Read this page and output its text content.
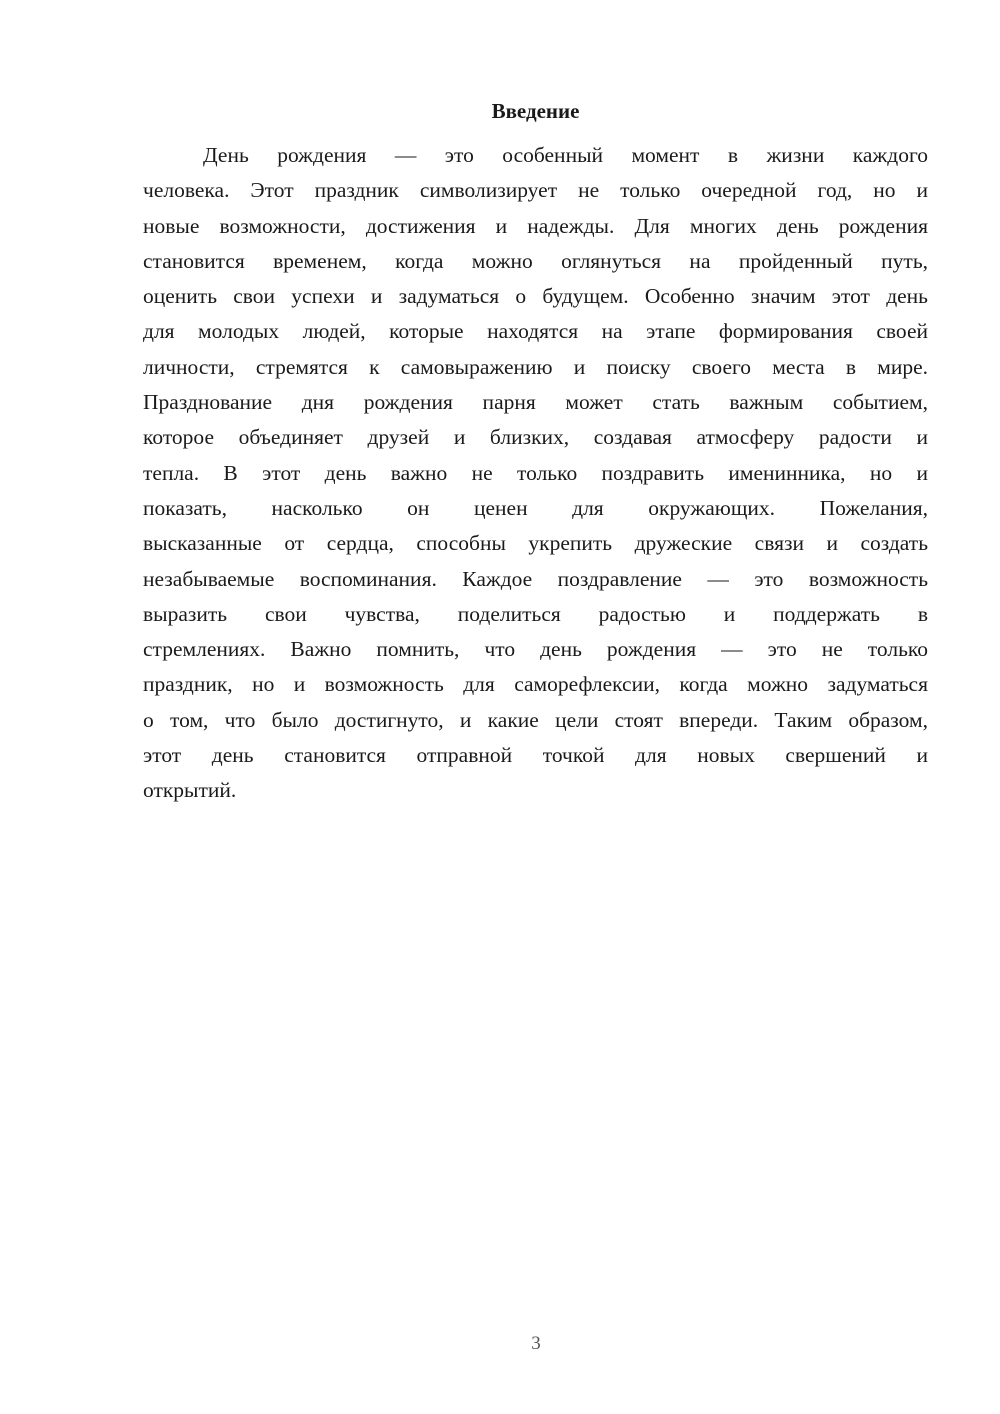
Введение
День рождения — это особенный момент в жизни каждого
человека. Этот праздник символизирует не только очередной год, но и
новые возможности, достижения и надежды. Для многих день рождения
становится временем, когда можно оглянуться на пройденный путь,
оценить свои успехи и задуматься о будущем. Особенно значим этот день
для молодых людей, которые находятся на этапе формирования своей
личности, стремятся к самовыражению и поиску своего места в мире.
Празднование дня рождения парня может стать важным событием,
которое объединяет друзей и близких, создавая атмосферу радости и
тепла. В этот день важно не только поздравить именинника, но и
показать, насколько он ценен для окружающих. Пожелания,
высказанные от сердца, способны укрепить дружеские связи и создать
незабываемые воспоминания. Каждое поздравление — это возможность
выразить свои чувства, поделиться радостью и поддержать в
стремлениях. Важно помнить, что день рождения — это не только
праздник, но и возможность для саморефлексии, когда можно задуматься
о том, что было достигнуто, и какие цели стоят впереди. Таким образом,
этот день становится отправной точкой для новых свершений и
открытий.
3
